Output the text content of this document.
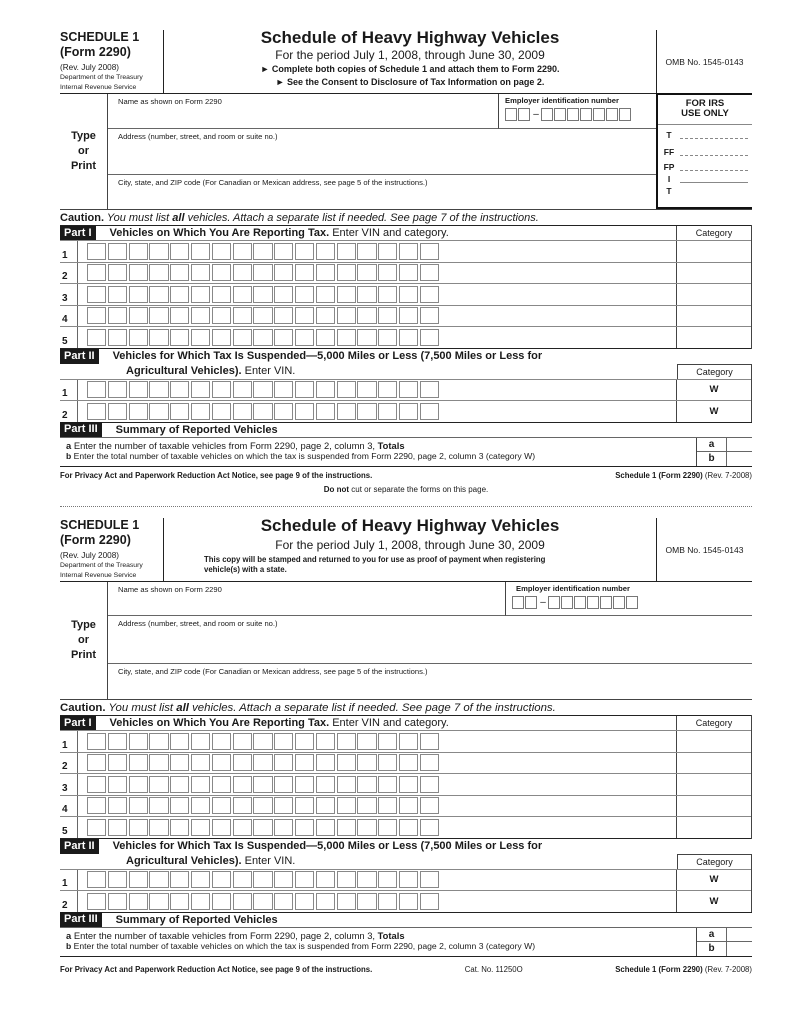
SCHEDULE 1
(Form 2290)
(Rev. July 2008)
Department of the Treasury
Internal Revenue Service
Schedule of Heavy Highway Vehicles
For the period July 1, 2008, through June 30, 2009
► Complete both copies of Schedule 1 and attach them to Form 2290.
► See the Consent to Disclosure of Tax Information on page 2.
OMB No. 1545-0143
Type
or
Print
Name as shown on Form 2290	Employer identification number
–
Address (number, street, and room or suite no.)
City, state, and ZIP code (For Canadian or Mexican address, see page 5 of the instructions.)
FOR IRS
USE ONLY
T
FF
FP
I
T
Caution. You must list all vehicles. Attach a separate list if needed. See page 7 of the instructions.
Part I	Vehicles on Which You Are Reporting Tax. Enter VIN and category.	Category
1
2
3
4
5
Part II	Vehicles for Which Tax Is Suspended—5,000 Miles or Less (7,500 Miles or Less for
Agricultural Vehicles). Enter VIN.	Category
1	W
2	W
Part III	Summary of Reported Vehicles
a Enter the number of taxable vehicles from Form 2290, page 2, column 3, Totals
b Enter the total number of taxable vehicles on which the tax is suspended from Form 2290, page 2, column 3 (category W)
a
b
For Privacy Act and Paperwork Reduction Act Notice, see page 9 of the instructions.	Schedule 1 (Form 2290) (Rev. 7-2008)
Do not cut or separate the forms on this page.
SCHEDULE 1
(Form 2290)
(Rev. July 2008)
Department of the Treasury
Internal Revenue Service
Schedule of Heavy Highway Vehicles
For the period July 1, 2008, through June 30, 2009
This copy will be stamped and returned to you for use as proof of payment when registering
vehicle(s) with a state.
OMB No. 1545-0143
Type
or
Print
Name as shown on Form 2290	Employer identification number
–
Address (number, street, and room or suite no.)
City, state, and ZIP code (For Canadian or Mexican address, see page 5 of the instructions.)
Caution. You must list all vehicles. Attach a separate list if needed. See page 7 of the instructions.
Part I	Vehicles on Which You Are Reporting Tax. Enter VIN and category.	Category
1
2
3
4
5
Part II	Vehicles for Which Tax Is Suspended—5,000 Miles or Less (7,500 Miles or Less for
Agricultural Vehicles). Enter VIN.	Category
1	W
2	W
Part III	Summary of Reported Vehicles
a Enter the number of taxable vehicles from Form 2290, page 2, column 3, Totals
b Enter the total number of taxable vehicles on which the tax is suspended from Form 2290, page 2, column 3 (category W)
a
b
For Privacy Act and Paperwork Reduction Act Notice, see page 9 of the instructions.	Cat. No. 11250O	Schedule 1 (Form 2290) (Rev. 7-2008)
